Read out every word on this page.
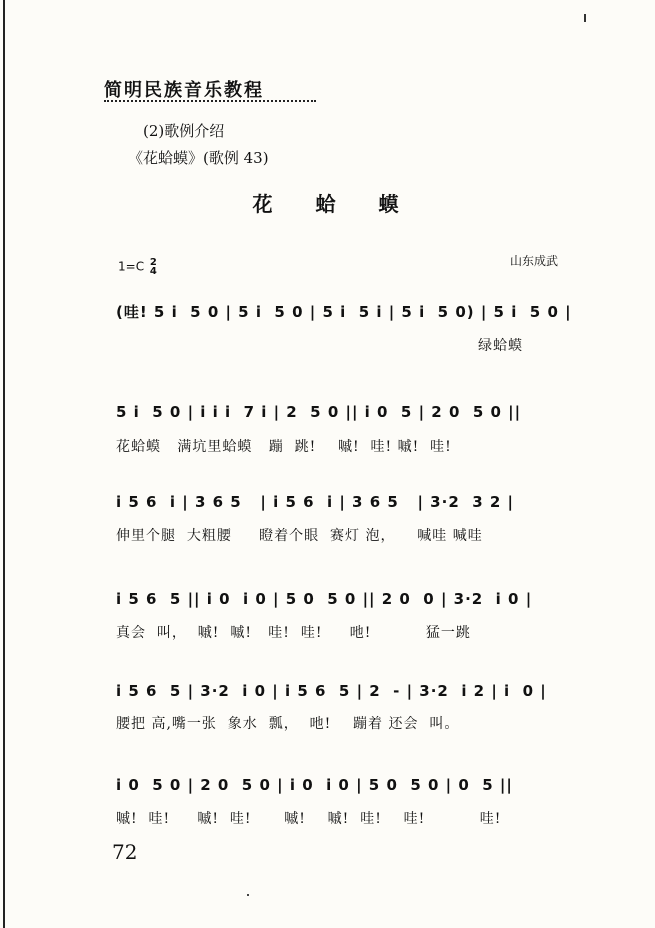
简明民族音乐教程
(2)歌例介绍
《花蛤蟆》(歌例 43)
花 蛤 蟆
1=C 2
4
山东成武
(哇! 5 i  5 0 | 5 i  5 0 | 5 i  5 i | 5 i  5 0) | 5 i  5 0 |
绿蛤蟆
5 i  5 0 | i i i  7 i | 2  5 0 || i 0  5 | 2 0  5 0 ||
花蛤蟆   满坑里蛤蟆   蹦  跳!    嘁!  哇! 嘁!  哇!
i 5 6  i | 3 6 5   | i 5 6  i | 3 6 5   | 3·2  3 2 |
伸里个腿  大粗腰     瞪着个眼  赛灯 泡，    喊哇 喊哇
i 5 6  5 || i 0  i 0 | 5 0  5 0 || 2 0  0 | 3·2  i 0 |
真会  叫，  嘁!  嘁!   哇!  哇!     吔!          猛一跳
i 5 6  5 | 3·2  i 0 | i 5 6  5 | 2  - | 3·2  i 2 | i  0 |
腰把 高,嘴一张  象水  瓢，  吔!    蹦着 还会  叫。
i 0  5 0 | 2 0  5 0 | i 0  i 0 | 5 0  5 0 | 0  5 ||
嘁!  哇!     嘁!  哇!      嘁!    嘁!  哇!    哇!          哇!
72
